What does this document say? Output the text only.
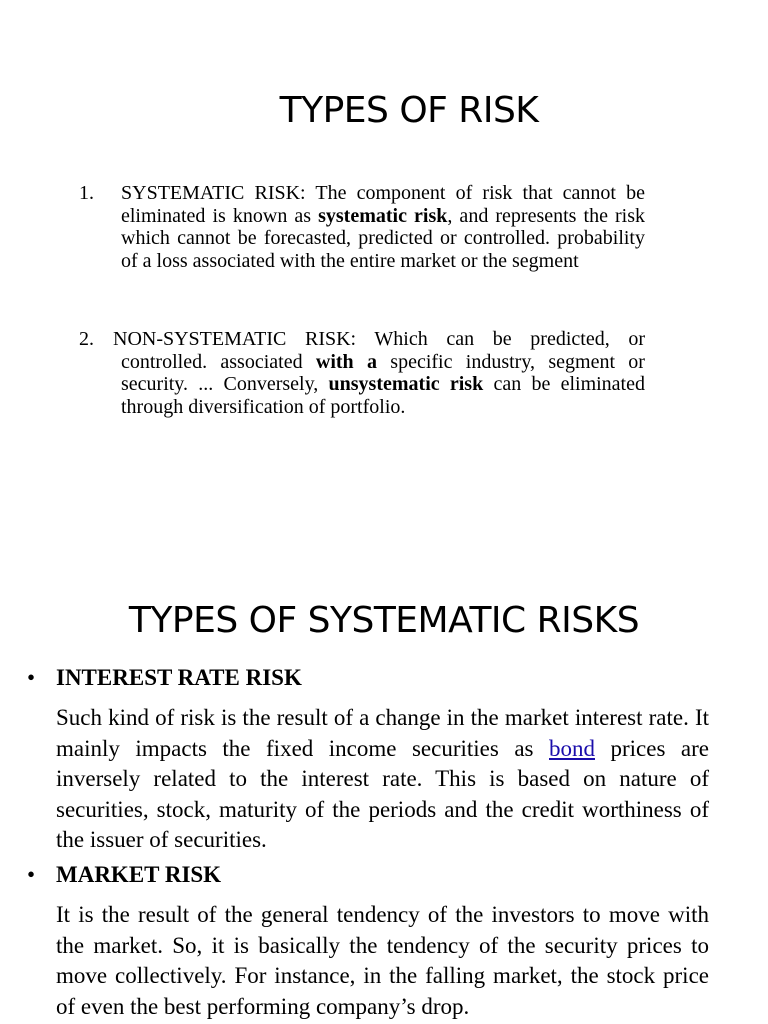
TYPES OF RISK
1. SYSTEMATIC RISK: The component of risk that cannot be eliminated is known as systematic risk, and represents the risk which cannot be forecasted, predicted or controlled. probability of a loss associated with the entire market or the segment
2. NON-SYSTEMATIC RISK: Which can be predicted, or controlled. associated with a specific industry, segment or security. ... Conversely, unsystematic risk can be eliminated through diversification of portfolio.
TYPES OF SYSTEMATIC RISKS
• INTEREST RATE RISK
Such kind of risk is the result of a change in the market interest rate. It mainly impacts the fixed income securities as bond prices are inversely related to the interest rate. This is based on nature of securities, stock, maturity of the periods and the credit worthiness of the issuer of securities.
• MARKET RISK
It is the result of the general tendency of the investors to move with the market. So, it is basically the tendency of the security prices to move collectively. For instance, in the falling market, the stock price of even the best performing company’s drop.
